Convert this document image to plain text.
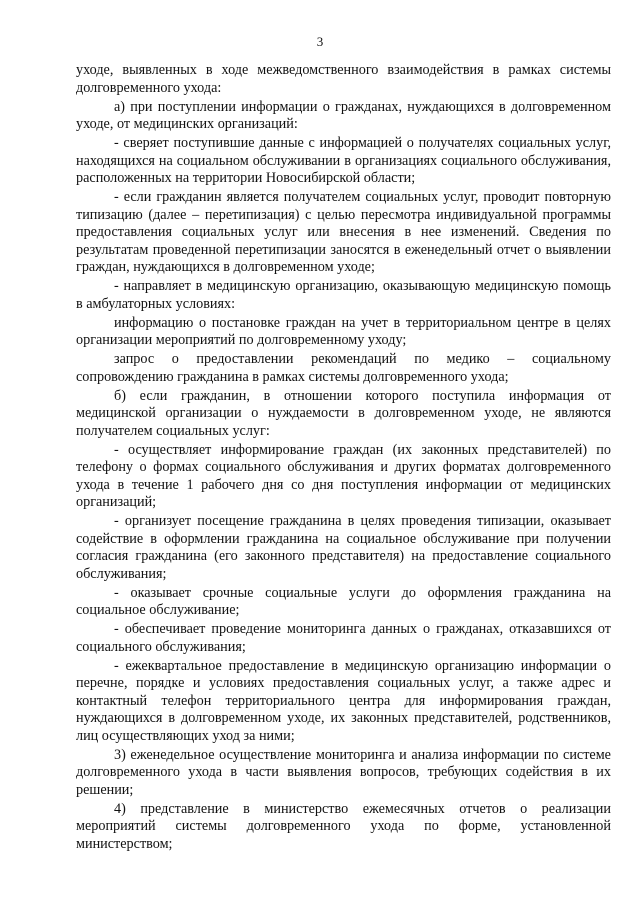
3

уходе, выявленных в ходе межведомственного взаимодействия в рамках системы долговременного ухода:

а) при поступлении информации о гражданах, нуждающихся в долговременном уходе, от медицинских организаций:

- сверяет поступившие данные с информацией о получателях социальных услуг, находящихся на социальном обслуживании в организациях социального обслуживания, расположенных на территории Новосибирской области;

- если гражданин является получателем социальных услуг, проводит повторную типизацию (далее – перетипизация) с целью пересмотра индивидуальной программы предоставления социальных услуг или внесения в нее изменений. Сведения по результатам проведенной перетипизации заносятся в еженедельный отчет о выявлении граждан, нуждающихся в долговременном уходе;

- направляет в медицинскую организацию, оказывающую медицинскую помощь в амбулаторных условиях:

информацию о постановке граждан на учет в территориальном центре в целях организации мероприятий по долговременному уходу;

запрос о предоставлении рекомендаций по медико – социальному сопровождению гражданина в рамках системы долговременного ухода;

б) если гражданин, в отношении которого поступила информация от медицинской организации о нуждаемости в долговременном уходе, не являются получателем социальных услуг:

- осуществляет информирование граждан (их законных представителей) по телефону о формах социального обслуживания и других форматах долговременного ухода в течение 1 рабочего дня со дня поступления информации от медицинских организаций;

- организует посещение гражданина в целях проведения типизации, оказывает содействие в оформлении гражданина на социальное обслуживание при получении согласия гражданина (его законного представителя) на предоставление социального обслуживания;

- оказывает срочные социальные услуги до оформления гражданина на социальное обслуживание;

- обеспечивает проведение мониторинга данных о гражданах, отказавшихся от социального обслуживания;

- ежеквартальное предоставление в медицинскую организацию информации о перечне, порядке и условиях предоставления социальных услуг, а также адрес и контактный телефон территориального центра для информирования граждан, нуждающихся в долговременном уходе, их законных представителей, родственников, лиц осуществляющих уход за ними;

3) еженедельное осуществление мониторинга и анализа информации по системе долговременного ухода в части выявления вопросов, требующих содействия в их решении;

4) представление в министерство ежемесячных отчетов о реализации мероприятий системы долговременного ухода по форме, установленной министерством;
